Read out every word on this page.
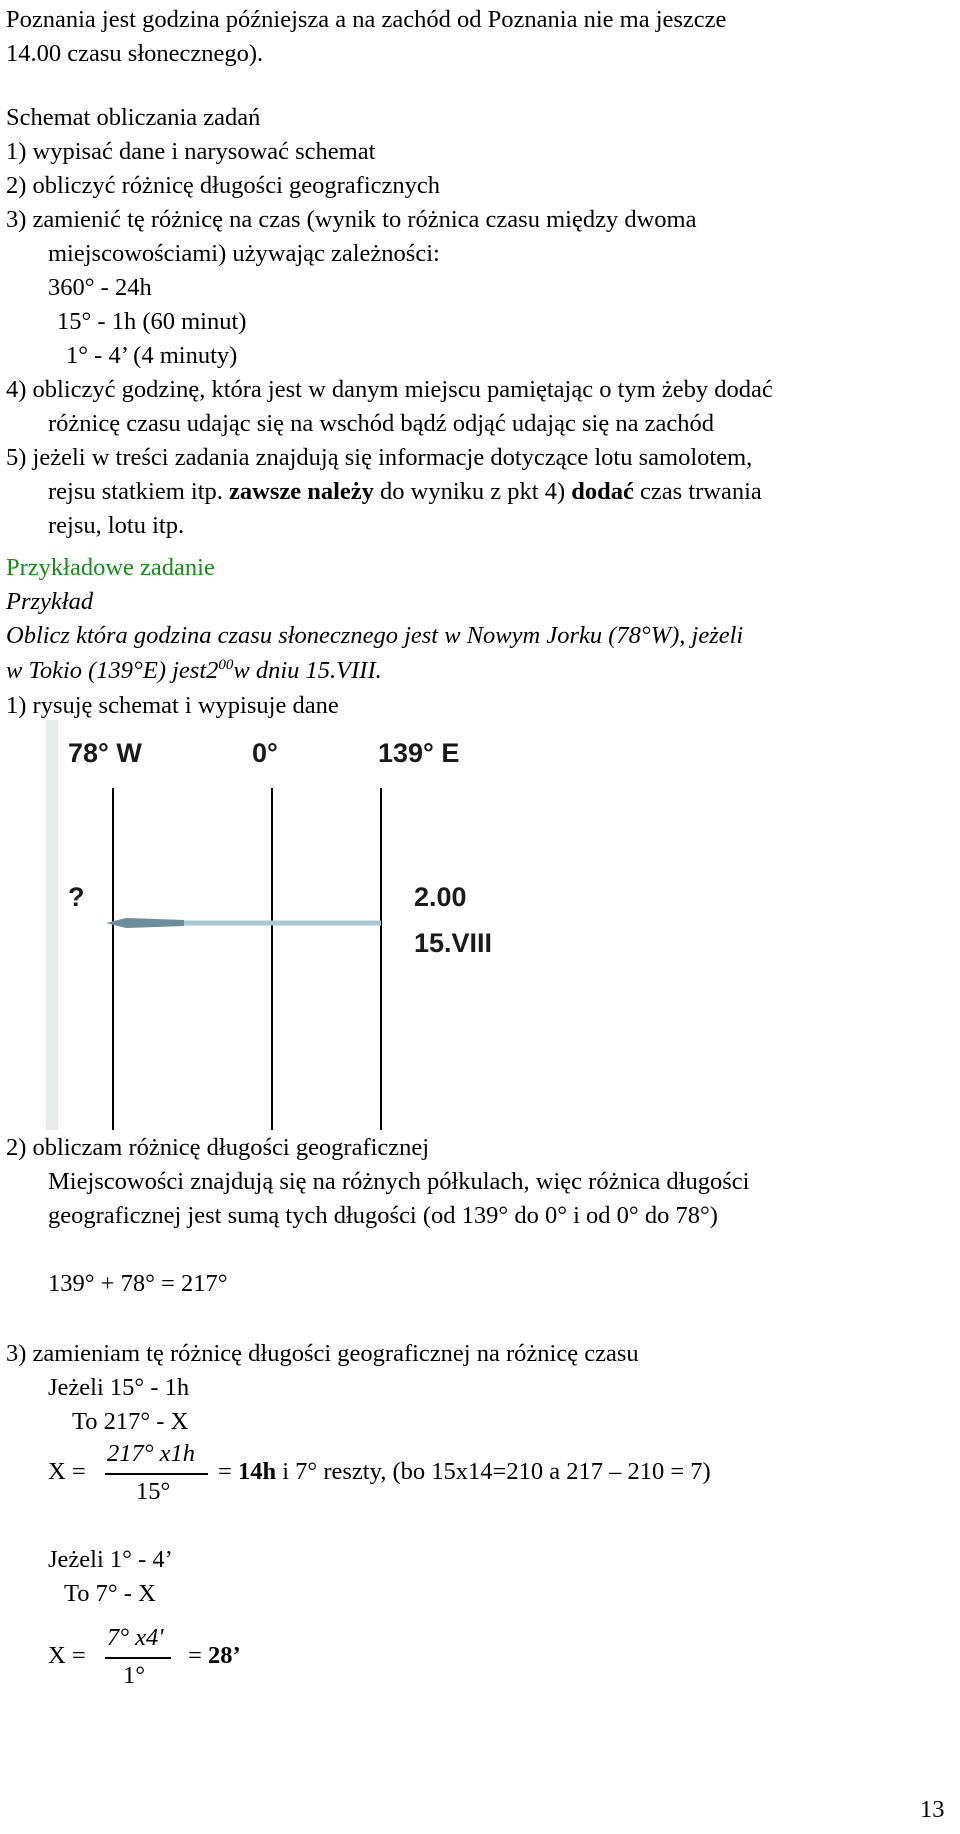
Poznania jest godzina późniejsza a na zachód od Poznania nie ma jeszcze
14.00 czasu słonecznego).
Schemat obliczania zadań
1) wypisać dane i narysować schemat
2) obliczyć różnicę długości geograficznych
3) zamienić tę różnicę na czas (wynik to różnica czasu między dwoma
miejscowościami) używając zależności:
360° - 24h
15° - 1h (60 minut)
1° - 4’ (4 minuty)
4) obliczyć godzinę, która jest w danym miejscu pamiętając o tym żeby dodać
różnicę czasu udając się na wschód bądź odjąć udając się na zachód
5) jeżeli w treści zadania znajdują się informacje dotyczące lotu samolotem,
rejsu statkiem itp. zawsze należy do wyniku z pkt 4) dodać czas trwania
rejsu, lotu itp.
Przykładowe zadanie
Przykład
Oblicz która godzina czasu słonecznego jest w Nowym Jorku (78°W), jeżeli
w Tokio (139°E) $jest2^{00}w$ dniu 15.VIII.
1) rysuję schemat i wypisuje dane
78° W	0°	139° E
?	2.00
15.VIII
2) obliczam różnicę długości geograficznej
Miejscowości znajdują się na różnych półkulach, więc różnica długości
geograficznej jest sumą tych długości (od 139° do 0° i od 0° do 78°)
139° + 78° = 217°
3) zamieniam tę różnicę długości geograficznej na różnicę czasu
Jeżeli 15° - 1h
To 217° - X
X =
217° x1h
15°
= 14h i 7° reszty, (bo 15x14=210 a 217 – 210 = 7)
Jeżeli 1° - 4’
To 7° - X
X =
7° x4'
1°
= 28’
13
